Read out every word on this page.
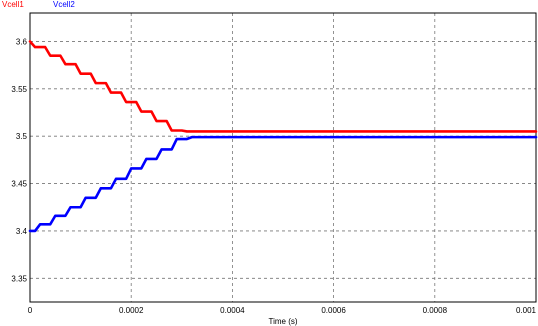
3.35
3.4
3.45
3.5
3.55
3.6
0	0.0002	0.0004	0.0006	0.0008	0.001
Vcell1	Vcell2
Time (s)
